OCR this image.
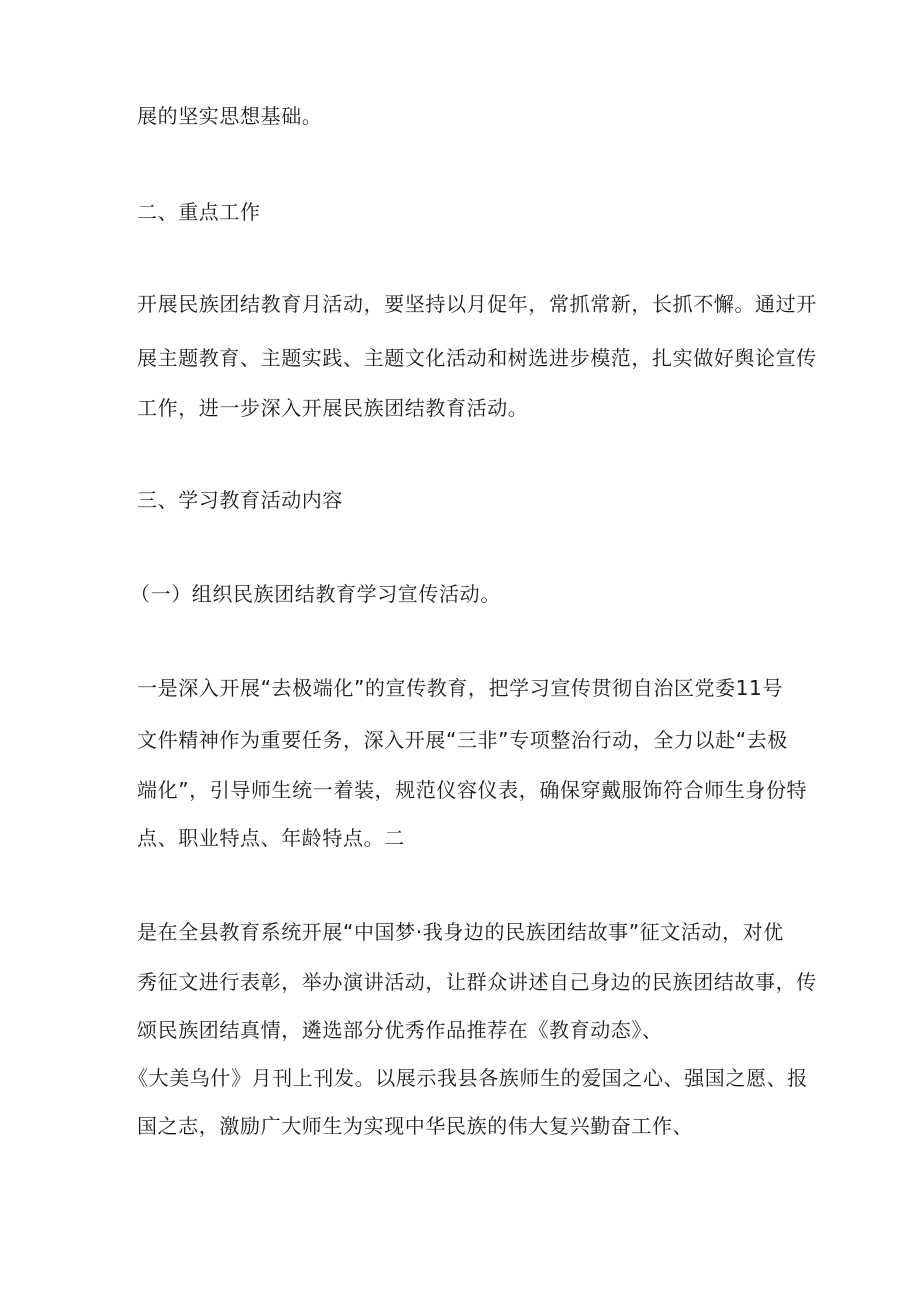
展的坚实思想基础。
二、重点工作
开展民族团结教育月活动，要坚持以月促年，常抓常新，长抓不懈。通过开
展主题教育、主题实践、主题文化活动和树选进步模范，扎实做好舆论宣传
工作，进一步深入开展民族团结教育活动。
三、学习教育活动内容
（一）组织民族团结教育学习宣传活动。
一是深入开展“去极端化”的宣传教育，把学习宣传贯彻自治区党委11号
文件精神作为重要任务，深入开展“三非”专项整治行动，全力以赴“去极
端化”，引导师生统一着装，规范仪容仪表，确保穿戴服饰符合师生身份特
点、职业特点、年龄特点。二
是在全县教育系统开展“中国梦·我身边的民族团结故事”征文活动，对优
秀征文进行表彰，举办演讲活动，让群众讲述自己身边的民族团结故事，传
颂民族团结真情，遴选部分优秀作品推荐在《教育动态》、
《大美乌什》月刊上刊发。以展示我县各族师生的爱国之心、强国之愿、报
国之志，激励广大师生为实现中华民族的伟大复兴勤奋工作、
